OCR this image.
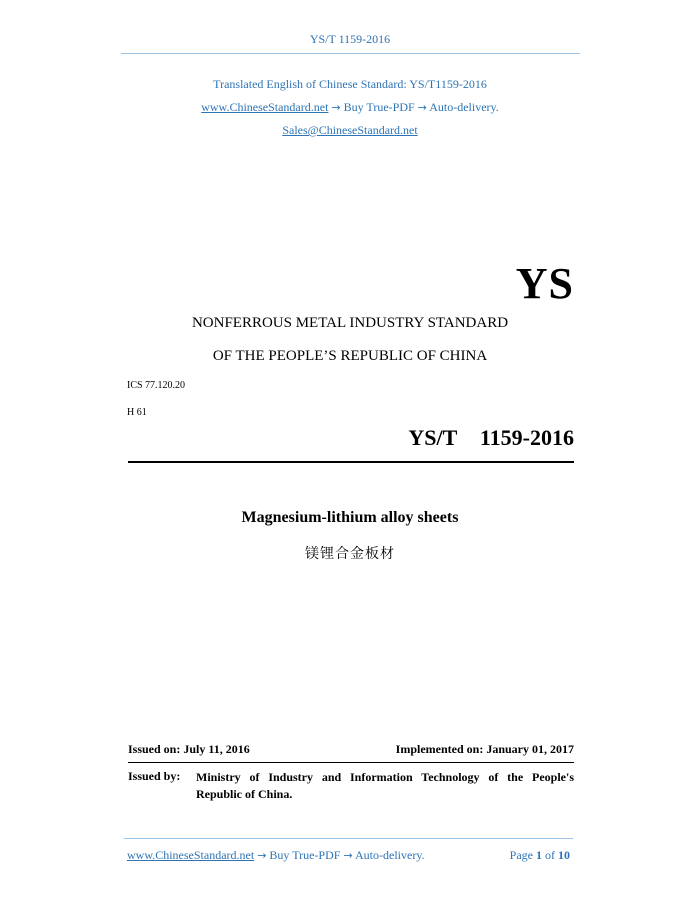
YS/T 1159-2016
Translated English of Chinese Standard: YS/T1159-2016
www.ChineseStandard.net → Buy True-PDF → Auto-delivery.
Sales@ChineseStandard.net
YS
NONFERROUS METAL INDUSTRY STANDARD
OF THE PEOPLE’S REPUBLIC OF CHINA
ICS 77.120.20
H 61
YS/T  1159-2016
Magnesium-lithium alloy sheets
镁锂合金板材
Issued on: July 11, 2016	Implemented on: January 01, 2017
Issued by: Ministry of Industry and Information Technology of the People's Republic of China.
www.ChineseStandard.net → Buy True-PDF → Auto-delivery.	Page 1 of 10
